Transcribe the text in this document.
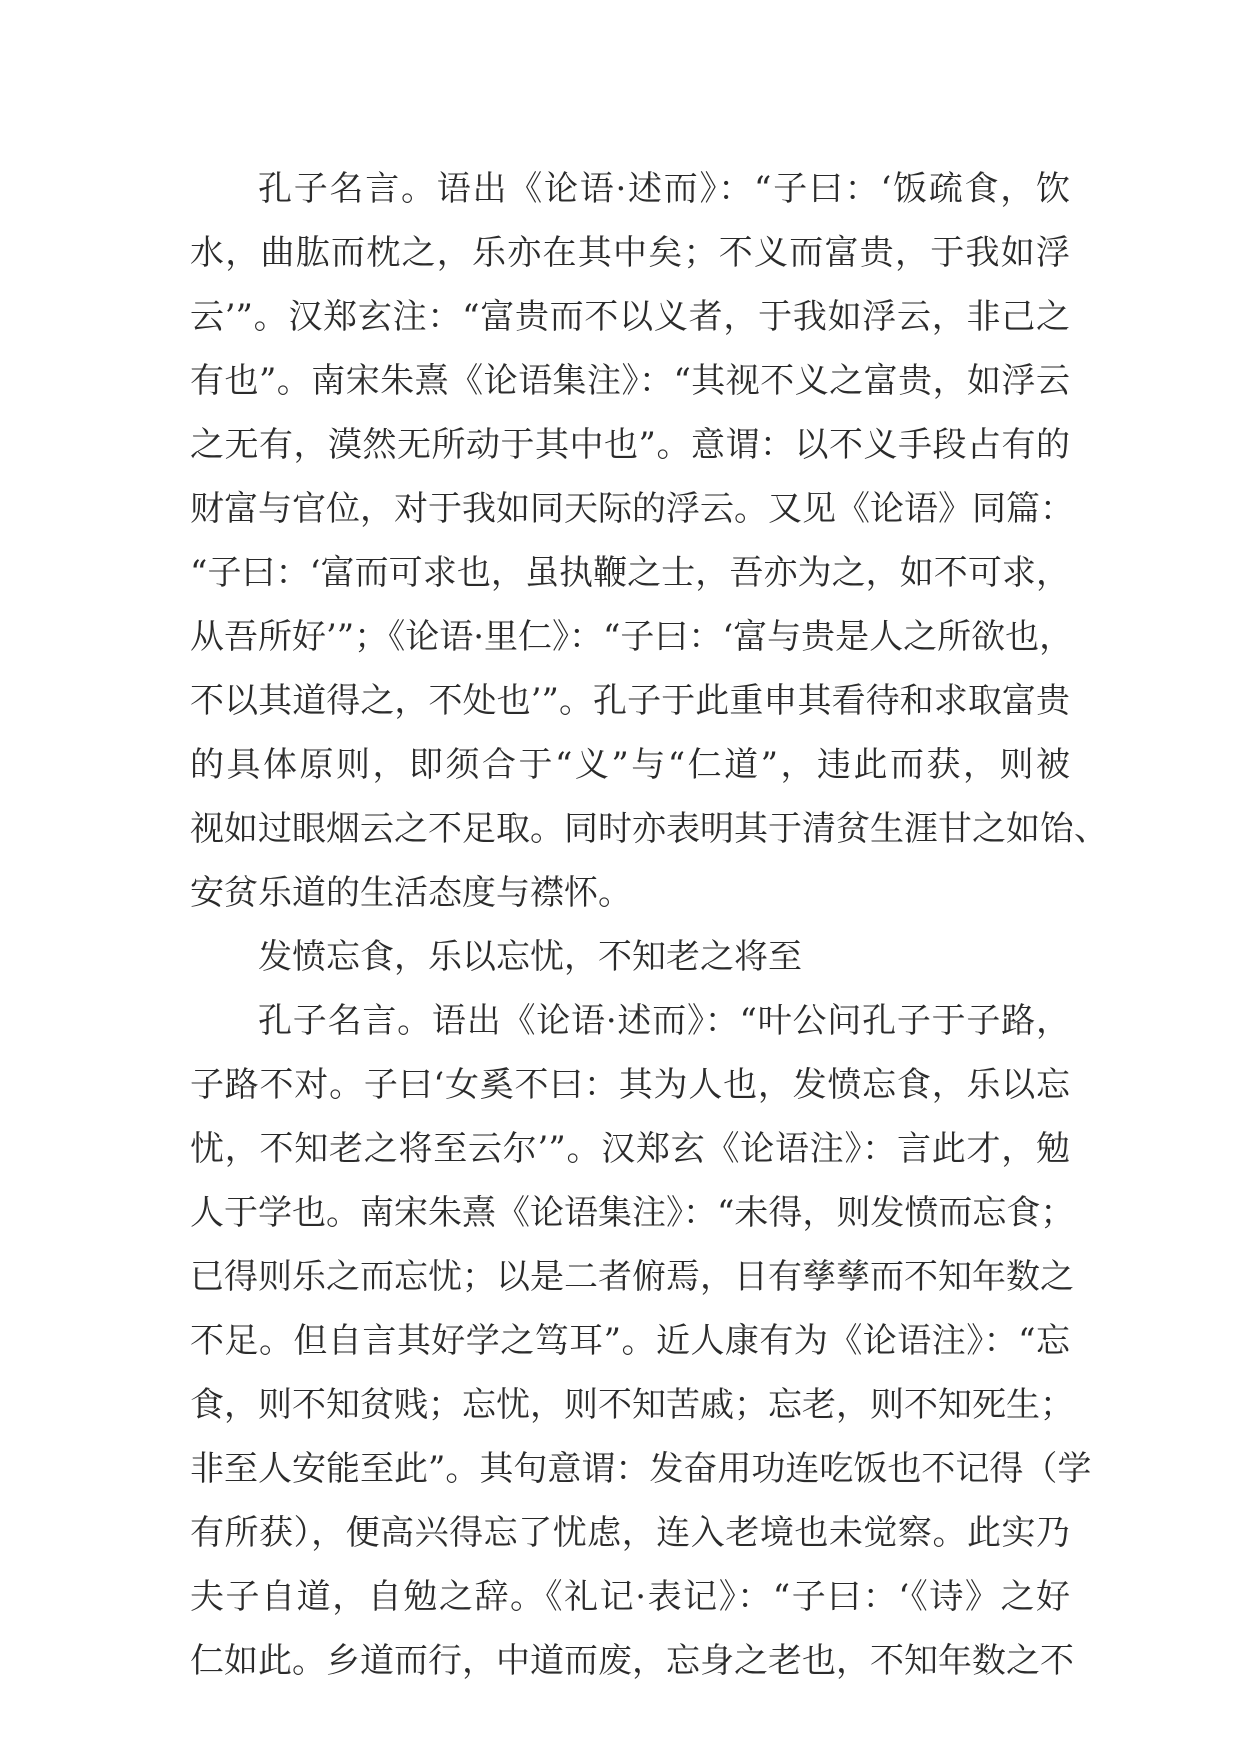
孔子名言。语出《论语·述而》：“子曰：‘饭疏食，饮
水，曲肱而枕之，乐亦在其中矣；不义而富贵，于我如浮
云’”。汉郑玄注：“富贵而不以义者，于我如浮云，非己之
有也”。南宋朱熹《论语集注》：“其视不义之富贵，如浮云
之无有，漠然无所动于其中也”。意谓：以不义手段占有的
财富与官位，对于我如同天际的浮云。又见《论语》同篇：
“子曰：‘富而可求也，虽执鞭之士，吾亦为之，如不可求，
从吾所好’”；《论语·里仁》：“子曰：‘富与贵是人之所欲也，
不以其道得之，不处也’”。孔子于此重申其看待和求取富贵
的具体原则，即须合于“义”与“仁道”，违此而获，则被
视如过眼烟云之不足取。同时亦表明其于清贫生涯甘之如饴、
安贫乐道的生活态度与襟怀。
发愤忘食，乐以忘忧，不知老之将至
孔子名言。语出《论语·述而》：“叶公问孔子于子路，
子路不对。子曰‘女奚不曰：其为人也，发愤忘食，乐以忘
忧，不知老之将至云尔’”。汉郑玄《论语注》：言此才，勉
人于学也。南宋朱熹《论语集注》：“未得，则发愤而忘食；
已得则乐之而忘忧；以是二者俯焉，日有孳孳而不知年数之
不足。但自言其好学之笃耳”。近人康有为《论语注》：“忘
食，则不知贫贱；忘忧，则不知苦戚；忘老，则不知死生；
非至人安能至此”。其句意谓：发奋用功连吃饭也不记得（学
有所获），便高兴得忘了忧虑，连入老境也未觉察。此实乃
夫子自道，自勉之辞。《礼记·表记》：“子曰：‘《诗》之好
仁如此。乡道而行，中道而废，忘身之老也，不知年数之不
